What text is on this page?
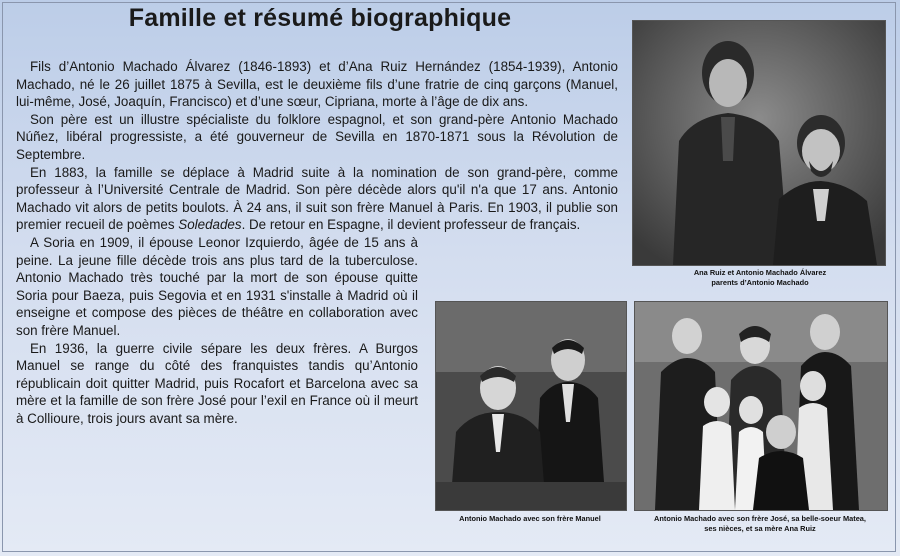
Famille et résumé biographique

Fils d’Antonio Machado Álvarez (1846-1893) et d’Ana Ruiz Hernández (1854-1939), Antonio Machado, né le 26 juillet 1875 à Sevilla, est le deuxième fils d’une fratrie de cinq garçons (Manuel, lui-même, José, Joaquín, Francisco) et d’une sœur, Cipriana, morte à l’âge de dix ans.

Son père est un illustre spécialiste du folklore espagnol, et son grand-père Antonio Machado Núñez, libéral progressiste, a été gouverneur de Sevilla en 1870-1871 sous la Révolution de Septembre.

En 1883, la famille se déplace à Madrid suite à la nomination de son grand-père, comme professeur à l’Université Centrale de Madrid. Son père décède alors qu'il n'a que 17 ans. Antonio Machado vit alors de petits boulots. À 24 ans, il suit son frère Manuel à Paris. En 1903, il publie son premier recueil de poèmes Soledades. De retour en Espagne, il devient professeur de français.

A Soria en 1909, il épouse Leonor Izquierdo, âgée de 15 ans à peine. La jeune fille décède trois ans plus tard de la tuberculose. Antonio Machado très touché par la mort de son épouse quitte Soria pour Baeza, puis Segovia et en 1931 s'installe à Madrid où il enseigne et compose des pièces de théâtre en collaboration avec son frère Manuel.

En 1936, la guerre civile sépare les deux frères. A Burgos Manuel se range du côté des franquistes tandis qu’Antonio républicain doit quitter Madrid, puis Rocafort et Barcelona avec sa mère et la famille de son frère José pour l’exil en France où il meurt à Collioure, trois jours avant sa mère.

Ana Ruiz et Antonio Machado Álvarez
parents d’Antonio Machado
Antonio Machado avec son frère Manuel	Antonio Machado avec son frère José, sa belle-soeur Matea,
ses nièces, et sa mère Ana Ruiz
